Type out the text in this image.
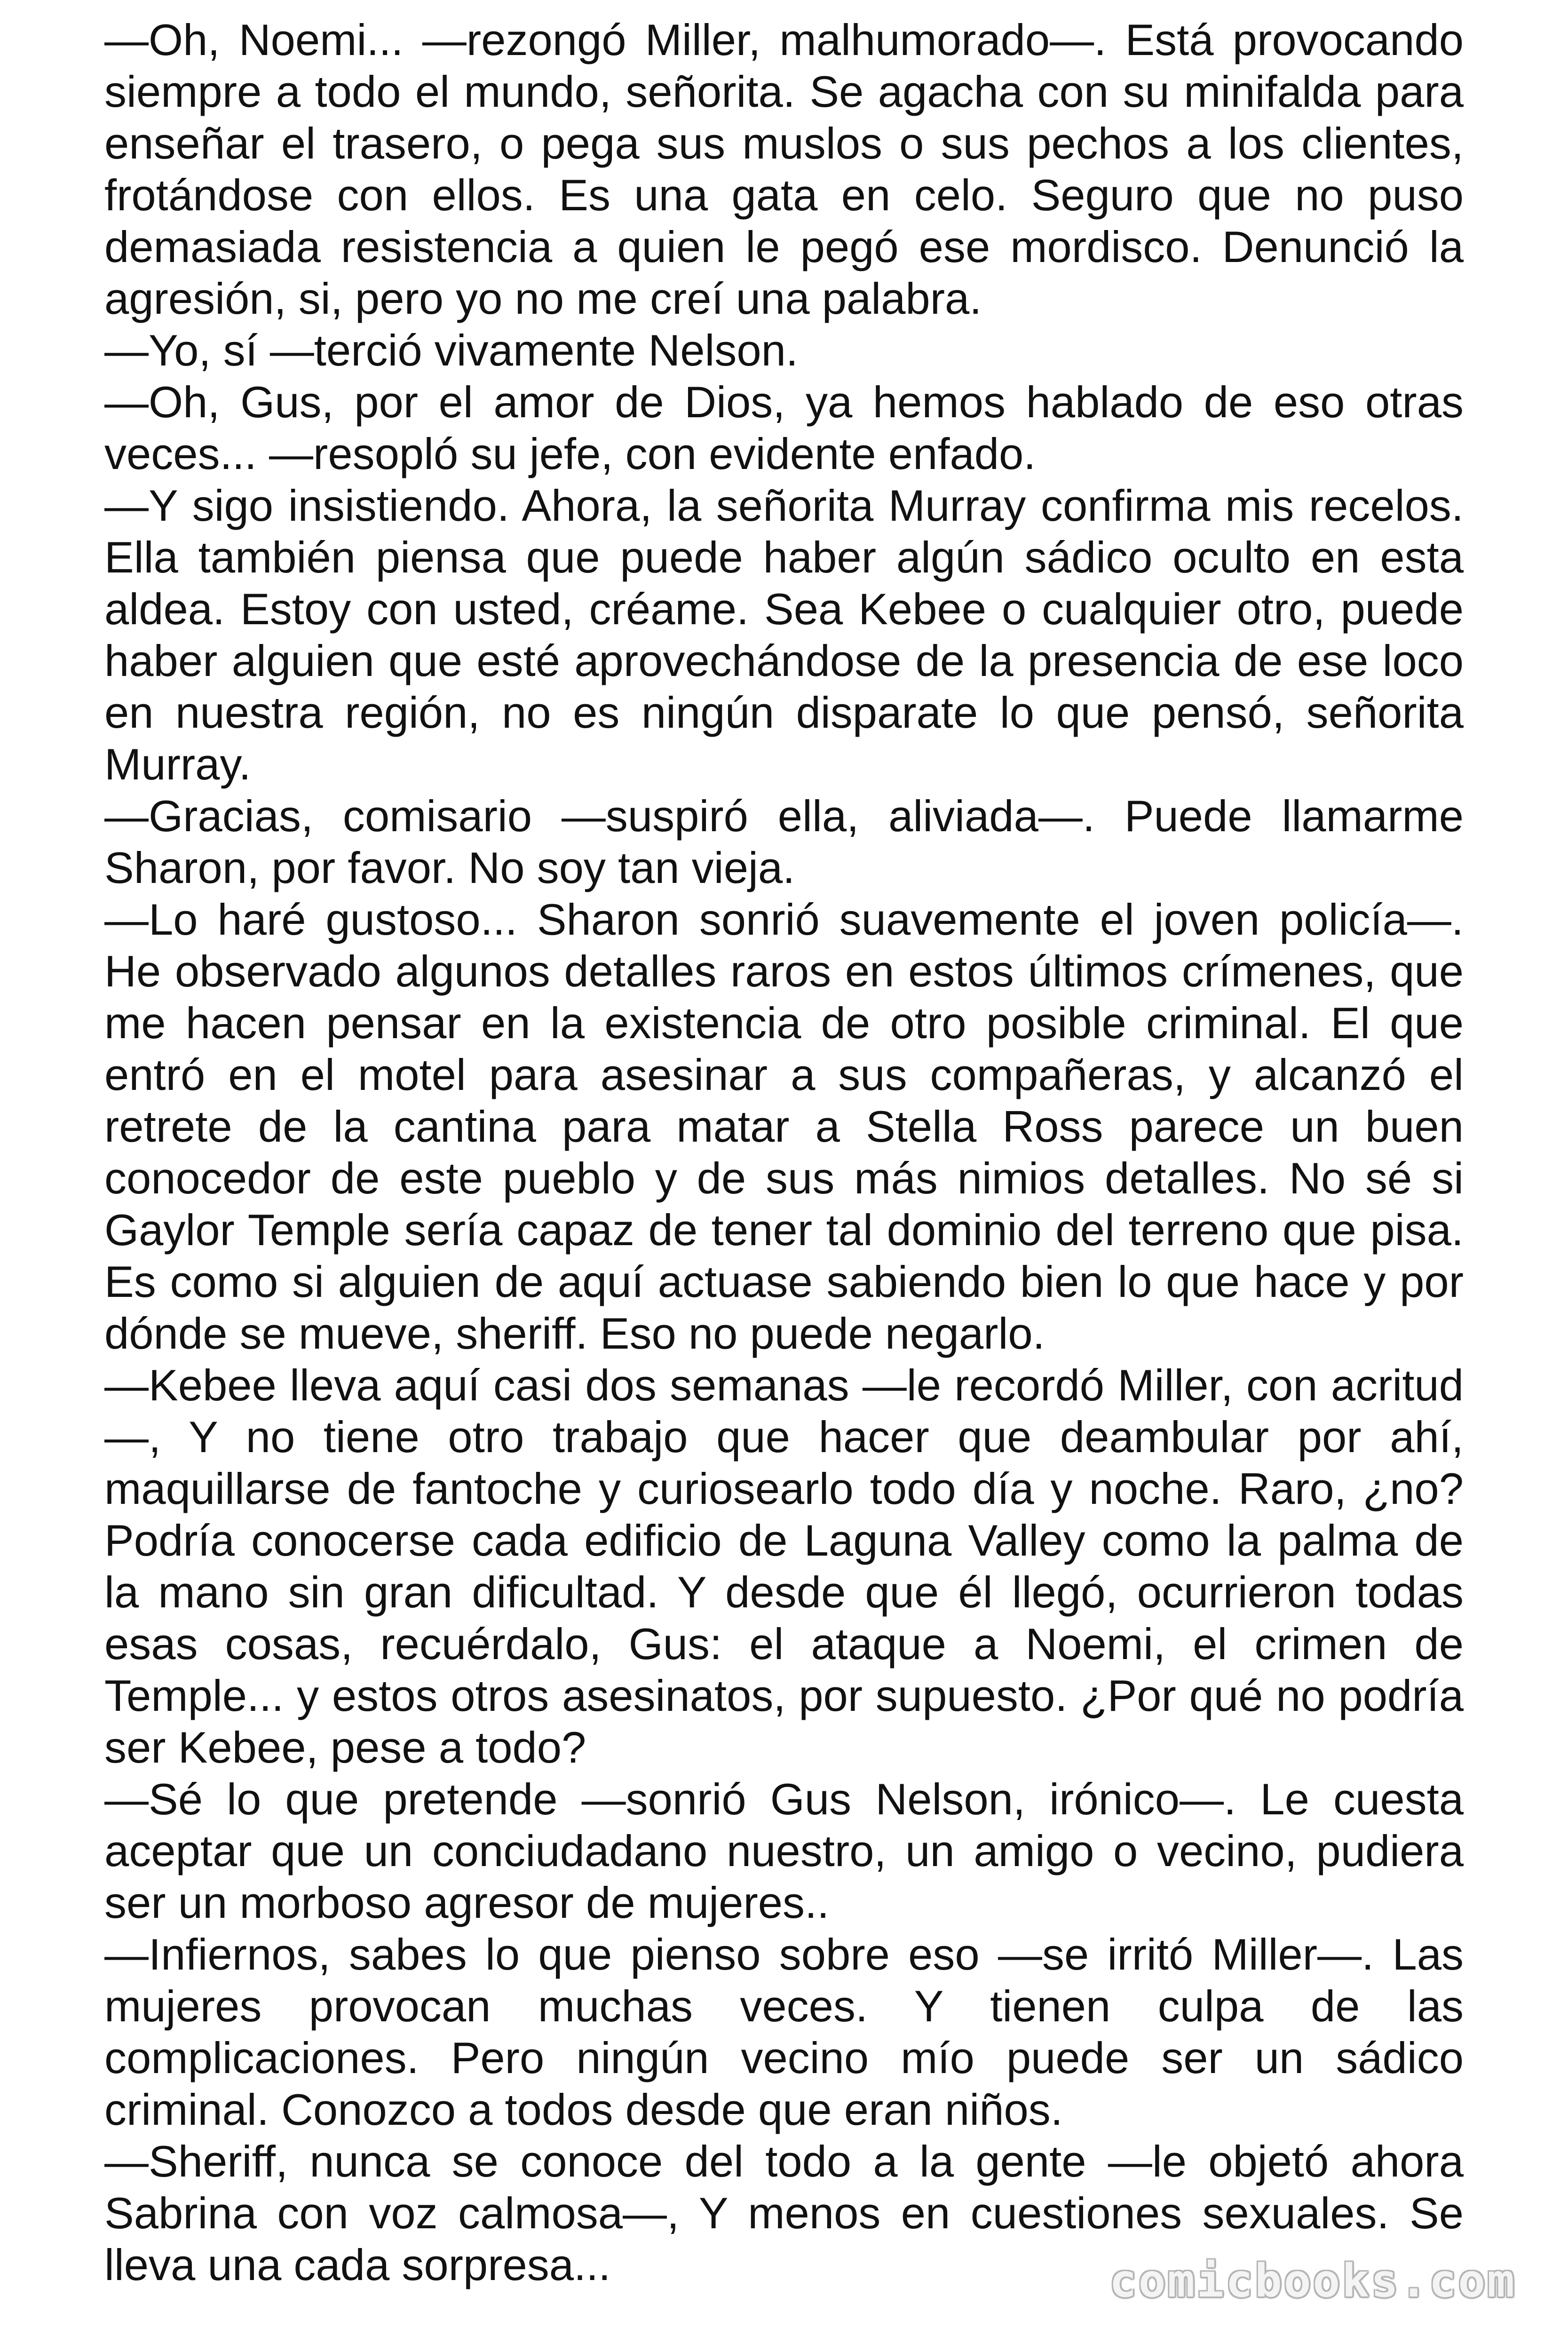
—Oh, Noemi... —rezongó Miller, malhumorado—. Está provocando siempre a todo el mundo, señorita. Se agacha con su minifalda para enseñar el trasero, o pega sus muslos o sus pechos a los clientes, frotándose con ellos. Es una gata en celo. Seguro que no puso demasiada resistencia a quien le pegó ese mordisco. Denunció la agresión, si, pero yo no me creí una palabra.

—Yo, sí —terció vivamente Nelson.

—Oh, Gus, por el amor de Dios, ya hemos hablado de eso otras veces... —resopló su jefe, con evidente enfado.

—Y sigo insistiendo. Ahora, la señorita Murray confirma mis recelos. Ella también piensa que puede haber algún sádico oculto en esta aldea. Estoy con usted, créame. Sea Kebee o cualquier otro, puede haber alguien que esté aprovechándose de la presencia de ese loco en nuestra región, no es ningún disparate lo que pensó, señorita Murray.

—Gracias, comisario —suspiró ella, aliviada—. Puede llamarme Sharon, por favor. No soy tan vieja.

—Lo haré gustoso... Sharon sonrió suavemente el joven policía—. He observado algunos detalles raros en estos últimos crímenes, que me hacen pensar en la existencia de otro posible criminal. El que entró en el motel para asesinar a sus compañeras, y alcanzó el retrete de la cantina para matar a Stella Ross parece un buen conocedor de este pueblo y de sus más nimios detalles. No sé si Gaylor Temple sería capaz de tener tal dominio del terreno que pisa. Es como si alguien de aquí actuase sabiendo bien lo que hace y por dónde se mueve, sheriff. Eso no puede negarlo.

—Kebee lleva aquí casi dos semanas —le recordó Miller, con acritud —, Y no tiene otro trabajo que hacer que deambular por ahí, maquillarse de fantoche y curiosearlo todo día y noche. Raro, ¿no? Podría conocerse cada edificio de Laguna Valley como la palma de la mano sin gran dificultad. Y desde que él llegó, ocurrieron todas esas cosas, recuérdalo, Gus: el ataque a Noemi, el crimen de Temple... y estos otros asesinatos, por supuesto. ¿Por qué no podría ser Kebee, pese a todo?

—Sé lo que pretende —sonrió Gus Nelson, irónico—. Le cuesta aceptar que un conciudadano nuestro, un amigo o vecino, pudiera ser un morboso agresor de mujeres..

—Infiernos, sabes lo que pienso sobre eso —se irritó Miller—. Las mujeres provocan muchas veces. Y tienen culpa de las complicaciones. Pero ningún vecino mío puede ser un sádico criminal. Conozco a todos desde que eran niños.

—Sheriff, nunca se conoce del todo a la gente —le objetó ahora Sabrina con voz calmosa—, Y menos en cuestiones sexuales. Se lleva una cada sorpresa...	comicbooks.com
